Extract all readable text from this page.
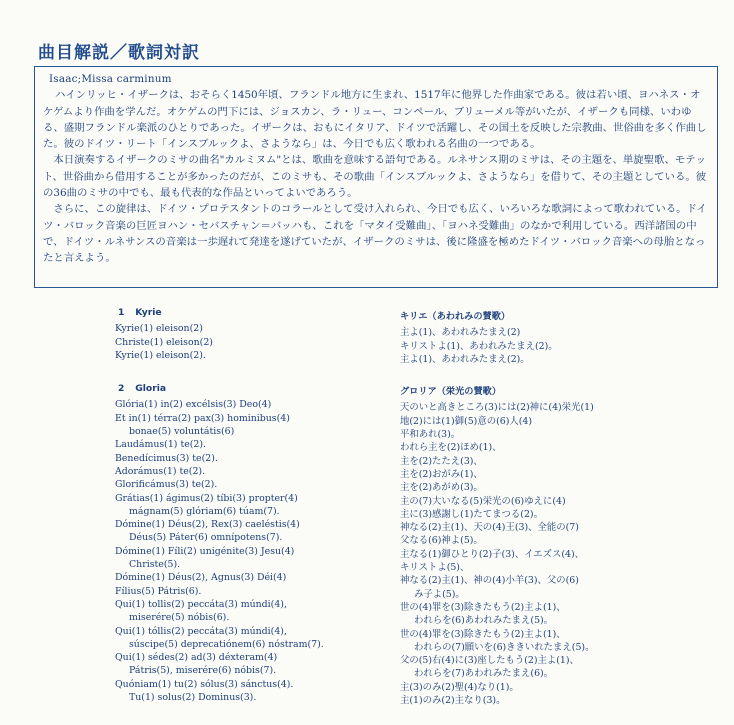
曲目解説／歌詞対訳
Isaac;Missa carminum

ハインリッヒ・イザークは、おそらく1450年頃、フランドル地方に生まれ、1517年に他界した作曲家である。彼は若い頃、ヨハネス・オケゲムより作曲を学んだ。オケゲムの門下には、ジョスカン、ラ・リュー、コンペール、ブリューメル等がいたが、イザークも同様、いわゆる、盛期フランドル楽派のひとりであった。イザークは、おもにイタリア、ドイツで活躍し、その国土を反映した宗教曲、世俗曲を多く作曲した。彼のドイツ・リート「インスブルックよ、さようなら」は、今日でも広く歌われる名曲の一つである。

本日演奏するイザークのミサの曲名"カルミヌム"とは、歌曲を意味する語句である。ルネサンス期のミサは、その主題を、単旋聖歌、モテット、世俗曲から借用することが多かったのだが、このミサも、その歌曲「インスブルックよ、さようなら」を借りて、その主題としている。彼の36曲のミサの中でも、最も代表的な作品といってよいであろう。

さらに、この旋律は、ドイツ・プロテスタントのコラールとして受け入れられ、今日でも広く、いろいろな歌詞によって歌われている。ドイツ・バロック音楽の巨匠ヨハン・セバスチャン＝バッハも、これを「マタイ受難曲」、「ヨハネ受難曲」のなかで利用している。西洋諸国の中で、ドイツ・ルネサンスの音楽は一歩遅れて発達を遂げていたが、イザークのミサは、後に隆盛を極めたドイツ・バロック音楽への母胎となったと言えよう。

1 Kyrie
Kyrie(1) eleison(2)
Christe(1) eleison(2)
Kyrie(1) eleison(2).
2 Gloria
Glória(1) in(2) excélsis(3) Deo(4)
Et in(1) térra(2) pax(3) hominibus(4)
bonae(5) voluntátis(6)
Laudámus(1) te(2).
Benedícimus(3) te(2).
Adorámus(1) te(2).
Glorificámus(3) te(2).
Grátias(1) ágimus(2) tíbi(3) propter(4)
mágnam(5) glóriam(6) túam(7).
Dómine(1) Déus(2), Rex(3) caeléstis(4)
Déus(5) Páter(6) omnípotens(7).
Dómine(1) Fíli(2) unigénite(3) Jesu(4)
Christe(5).
Dómine(1) Déus(2), Agnus(3) Déi(4)
Fílius(5) Pátris(6).
Qui(1) tollis(2) peccáta(3) múndi(4),
miserére(5) nóbis(6).
Qui(1) tóllis(2) peccáta(3) múndi(4),
súscipe(5) deprecatiónem(6) nóstram(7).
Qui(1) sédes(2) ad(3) déxteram(4)
Pátris(5), miserére(6) nóbis(7).
Quóniam(1) tu(2) sólus(3) sánctus(4).
Tu(1) solus(2) Dominus(3).
キリエ（あわれみの賛歌）
主よ(1)、あわれみたまえ(2)
キリストよ(1)、あわれみたまえ(2)。
主よ(1)、あわれみたまえ(2)。
グロリア（栄光の賛歌）
天のいと高きところ(3)には(2)神に(4)栄光(1)
地(2)には(1)御(5)意の(6)人(4)
平和あれ(3)。
われら主を(2)ほめ(1)、
主を(2)たたえ(3)、
主を(2)おがみ(1)、
主を(2)あがめ(3)。
主の(7)大いなる(5)栄光の(6)ゆえに(4)
主に(3)感謝し(1)たてまつる(2)。
神なる(2)主(1)、天の(4)王(3)、全能の(7)
父なる(6)神よ(5)。
主なる(1)御ひとり(2)子(3)、イエズス(4)、
キリストよ(5)、
神なる(2)主(1)、神の(4)小羊(3)、父の(6)
み子よ(5)。
世の(4)罪を(3)除きたもう(2)主よ(1)、
われらを(6)あわれみたまえ(5)。
世の(4)罪を(3)除きたもう(2)主よ(1)、
われらの(7)願いを(6)ききいれたまえ(5)。
父の(5)右(4)に(3)座したもう(2)主よ(1)、
われらを(7)あわれみたまえ(6)。
主(3)のみ(2)聖(4)なり(1)。
主(1)のみ(2)主なり(3)。
